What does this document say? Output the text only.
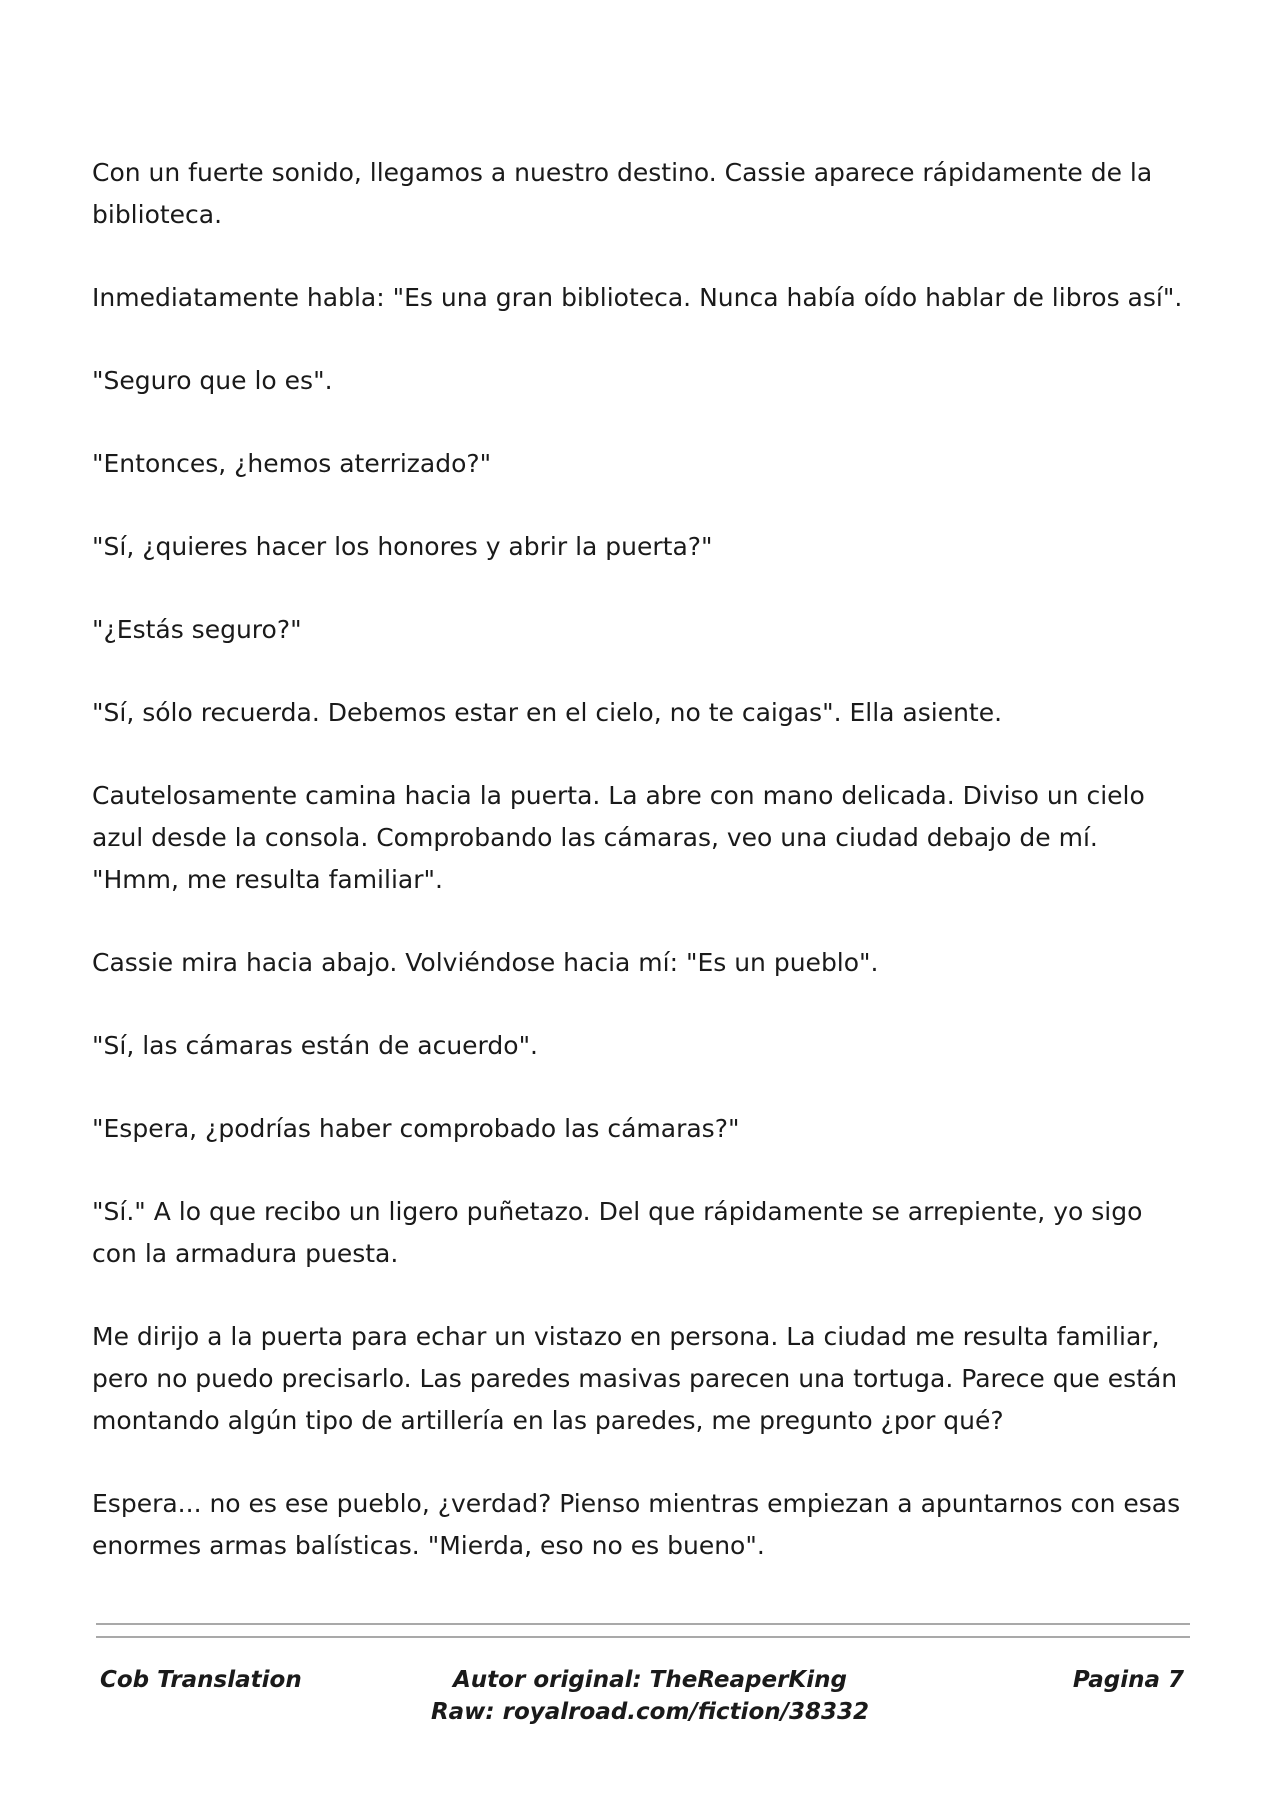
Con un fuerte sonido, llegamos a nuestro destino. Cassie aparece rápidamente de la biblioteca.

Inmediatamente habla: "Es una gran biblioteca. Nunca había oído hablar de libros así".

"Seguro que lo es".

"Entonces, ¿hemos aterrizado?"

"Sí, ¿quieres hacer los honores y abrir la puerta?"

"¿Estás seguro?"

"Sí, sólo recuerda. Debemos estar en el cielo, no te caigas". Ella asiente.

Cautelosamente camina hacia la puerta. La abre con mano delicada. Diviso un cielo azul desde la consola. Comprobando las cámaras, veo una ciudad debajo de mí. "Hmm, me resulta familiar".

Cassie mira hacia abajo. Volviéndose hacia mí: "Es un pueblo".

"Sí, las cámaras están de acuerdo".

"Espera, ¿podrías haber comprobado las cámaras?"

"Sí." A lo que recibo un ligero puñetazo. Del que rápidamente se arrepiente, yo sigo con la armadura puesta.

Me dirijo a la puerta para echar un vistazo en persona. La ciudad me resulta familiar, pero no puedo precisarlo. Las paredes masivas parecen una tortuga. Parece que están montando algún tipo de artillería en las paredes, me pregunto ¿por qué?

Espera... no es ese pueblo, ¿verdad? Pienso mientras empiezan a apuntarnos con esas enormes armas balísticas. "Mierda, eso no es bueno".

Cob Translation	Autor original: TheReaperKing
Raw: royalroad.com/fiction/38332
Pagina 7
